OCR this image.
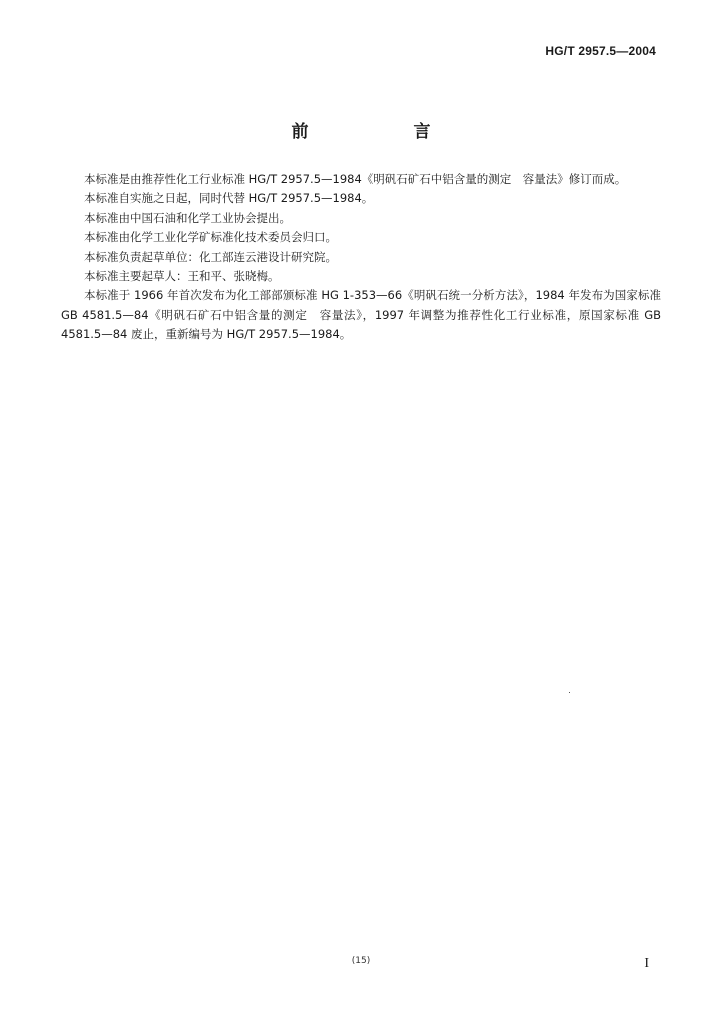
HG/T 2957.5—2004
前　言

本标准是由推荐性化工行业标准 HG/T 2957.5—1984《明矾石矿石中铝含量的测定　容量法》修订而成。

本标准自实施之日起，同时代替 HG/T 2957.5—1984。

本标准由中国石油和化学工业协会提出。

本标准由化学工业化学矿标准化技术委员会归口。

本标准负责起草单位：化工部连云港设计研究院。

本标准主要起草人：王和平、张晓梅。

本标准于 1966 年首次发布为化工部部颁标准 HG 1-353—66《明矾石统一分析方法》，1984 年发布为国家标准 GB 4581.5—84《明矾石矿石中铝含量的测定　容量法》，1997 年调整为推荐性化工行业标准，原国家标准 GB 4581.5—84 废止，重新编号为 HG/T 2957.5—1984。

(15)	I
